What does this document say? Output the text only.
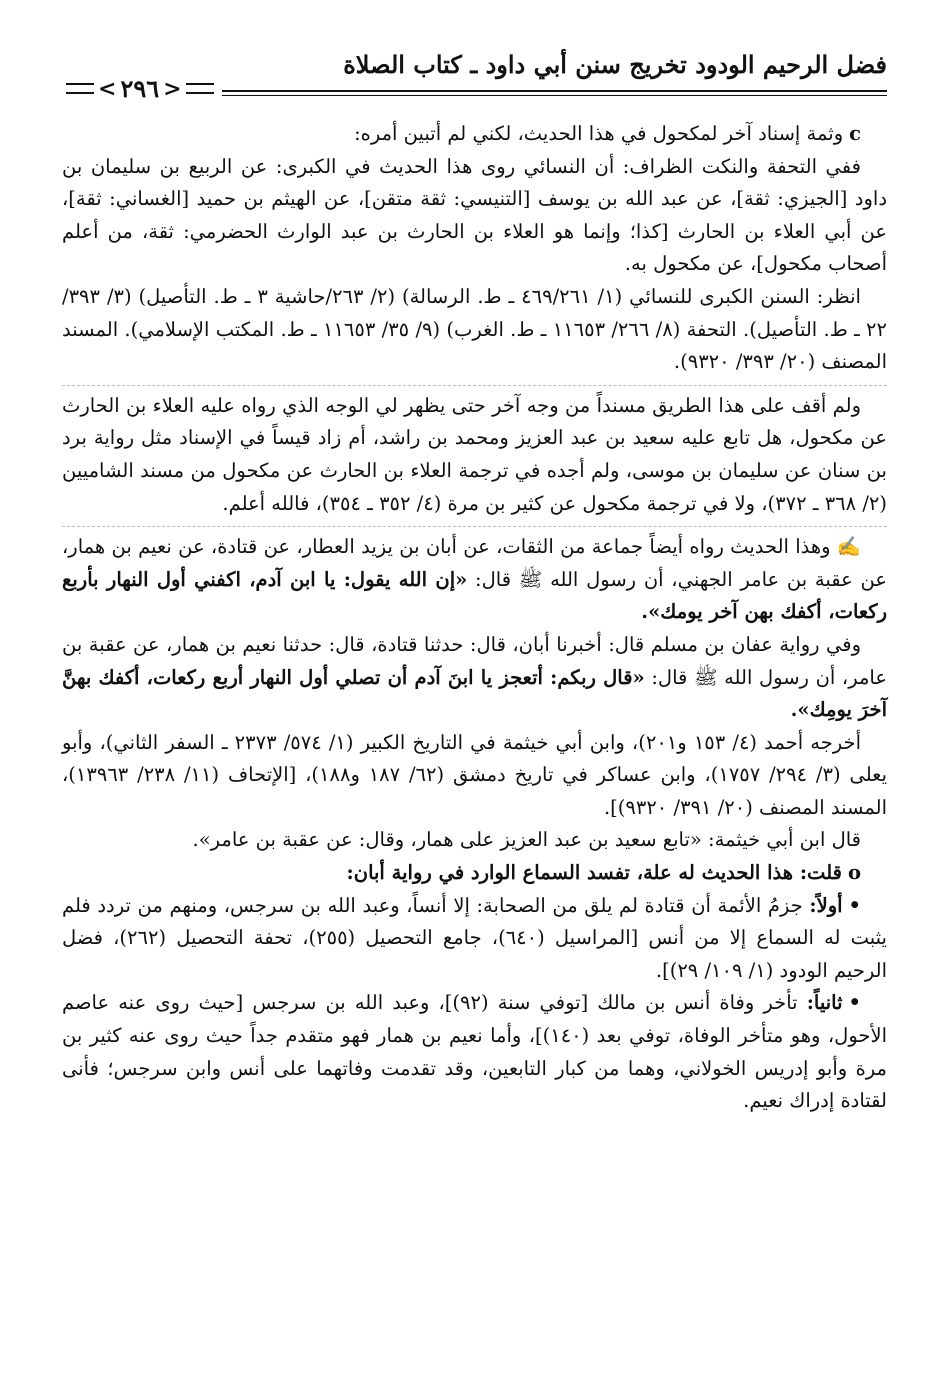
فضل الرحيم الودود تخريج سنن أبي داود ـ كتاب الصلاة
< ٢٩٦ >

cوثمة إسناد آخر لمكحول في هذا الحديث، لكني لم أتبين أمره:

ففي التحفة والنكت الظراف: أن النسائي روى هذا الحديث في الكبرى: عن الربيع بن سليمان بن داود [الجيزي: ثقة]، عن عبد الله بن يوسف [التنيسي: ثقة متقن]، عن الهيثم بن حميد [الغساني: ثقة]، عن أبي العلاء بن الحارث [كذا؛ وإنما هو العلاء بن الحارث بن عبد الوارث الحضرمي: ثقة، من أعلم أصحاب مكحول]، عن مكحول به.

انظر: السنن الكبرى للنسائي (١/ ٤٦٩/٢٦١ ـ ط. الرسالة) (٢/ ٢٦٣/حاشية ٣ ـ ط. التأصيل) (٣/ ٣٩٣/ ٢٢ ـ ط. التأصيل). التحفة (٨/ ٢٦٦/ ١١٦٥٣ ـ ط. الغرب) (٩/ ٣٥/ ١١٦٥٣ ـ ط. المكتب الإسلامي). المسند المصنف (٢٠/ ٣٩٣/ ٩٣٢٠).

ولم أقف على هذا الطريق مسنداً من وجه آخر حتى يظهر لي الوجه الذي رواه عليه العلاء بن الحارث عن مكحول، هل تابع عليه سعيد بن عبد العزيز ومحمد بن راشد، أم زاد قيساً في الإسناد مثل رواية برد بن سنان عن سليمان بن موسى، ولم أجده في ترجمة العلاء بن الحارث عن مكحول من مسند الشاميين (٢/ ٣٦٨ ـ ٣٧٢)، ولا في ترجمة مكحول عن كثير بن مرة (٤/ ٣٥٢ ـ ٣٥٤)، فالله أعلم.

✍وهذا الحديث رواه أيضاً جماعة من الثقات، عن أبان بن يزيد العطار، عن قتادة، عن نعيم بن همار، عن عقبة بن عامر الجهني، أن رسول الله ﷺ قال: «إن الله يقول: يا ابن آدم، اكفني أول النهار بأربع ركعات، أكفك بهن آخر يومك».

وفي رواية عفان بن مسلم قال: أخبرنا أبان، قال: حدثنا قتادة، قال: حدثنا نعيم بن همار، عن عقبة بن عامر، أن رسول الله ﷺ قال: «قال ربكم: أتعجز يا ابنَ آدم أن تصلي أول النهار أربع ركعات، أكفك بهنَّ آخرَ يومِك».

أخرجه أحمد (٤/ ١٥٣ و٢٠١)، وابن أبي خيثمة في التاريخ الكبير (١/ ٥٧٤/ ٢٣٧٣ ـ السفر الثاني)، وأبو يعلى (٣/ ٢٩٤/ ١٧٥٧)، وابن عساكر في تاريخ دمشق (٦٢/ ١٨٧ و١٨٨)، [الإتحاف (١١/ ٢٣٨/ ١٣٩٦٣)، المسند المصنف (٢٠/ ٣٩١/ ٩٣٢٠)].

قال ابن أبي خيثمة: «تابع سعيد بن عبد العزيز على همار، وقال: عن عقبة بن عامر».

oقلت: هذا الحديث له علة، تفسد السماع الوارد في رواية أبان:

•أولاً: جزمُ الأئمة أن قتادة لم يلق من الصحابة: إلا أنساً، وعبد الله بن سرجس، ومنهم من تردد فلم يثبت له السماع إلا من أنس [المراسيل (٦٤٠)، جامع التحصيل (٢٥٥)، تحفة التحصيل (٢٦٢)، فضل الرحيم الودود (١/ ١٠٩/ ٢٩)].

•ثانياً: تأخر وفاة أنس بن مالك [توفي سنة (٩٢)]، وعبد الله بن سرجس [حيث روى عنه عاصم الأحول، وهو متأخر الوفاة، توفي بعد (١٤٠)]، وأما نعيم بن همار فهو متقدم جداً حيث روى عنه كثير بن مرة وأبو إدريس الخولاني، وهما من كبار التابعين، وقد تقدمت وفاتهما على أنس وابن سرجس؛ فأنى لقتادة إدراك نعيم.
